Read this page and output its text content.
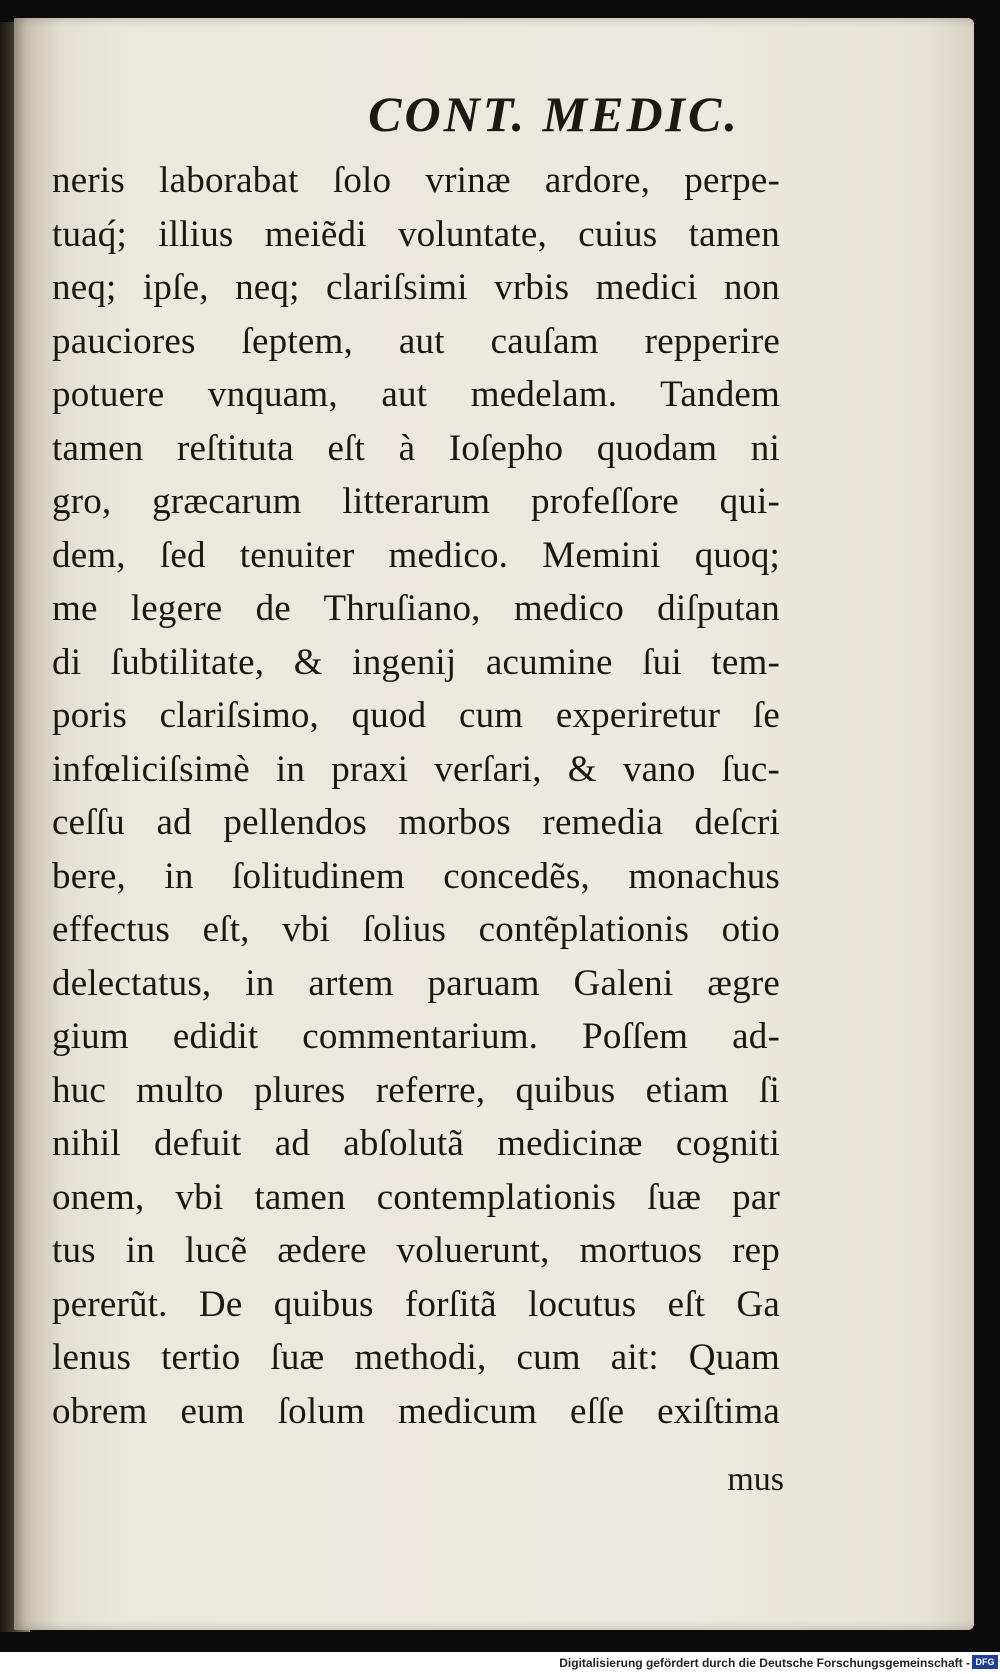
CONT. MEDIC.
neris laborabat ſolo vrinæ ardore, perpe-
tuaq́; illius meiẽdi voluntate, cuius tamen
neq; ipſe, neq; clariſsimi vrbis medici non
pauciores ſeptem, aut cauſam repperire
potuere vnquam, aut medelam. Tandem
tamen reſtituta eſt à Ioſepho quodam ni
gro, græcarum litterarum profeſſore qui-
dem, ſed tenuiter medico. Memini quoq;
me legere de Thruſiano, medico diſputan
di ſubtilitate, & ingenij acumine ſui tem-
poris clariſsimo, quod cum experiretur ſe
infœliciſsimè in praxi verſari, & vano ſuc-
ceſſu ad pellendos morbos remedia deſcri
bere, in ſolitudinem concedẽs, monachus
effectus eſt, vbi ſolius contẽplationis otio
delectatus, in artem paruam Galeni ægre
gium edidit commentarium. Poſſem ad-
huc multo plures referre, quibus etiam ſi
nihil defuit ad abſolutã medicinæ cogniti
onem, vbi tamen contemplationis ſuæ par
tus in lucẽ ædere voluerunt, mortuos rep
pererũt. De quibus forſitã locutus eſt Ga
lenus tertio ſuæ methodi, cum ait: Quam
obrem eum ſolum medicum eſſe exiſtima
mus
Digitalisierung gefördert durch die Deutsche Forschungsgemeinschaft - DFG
